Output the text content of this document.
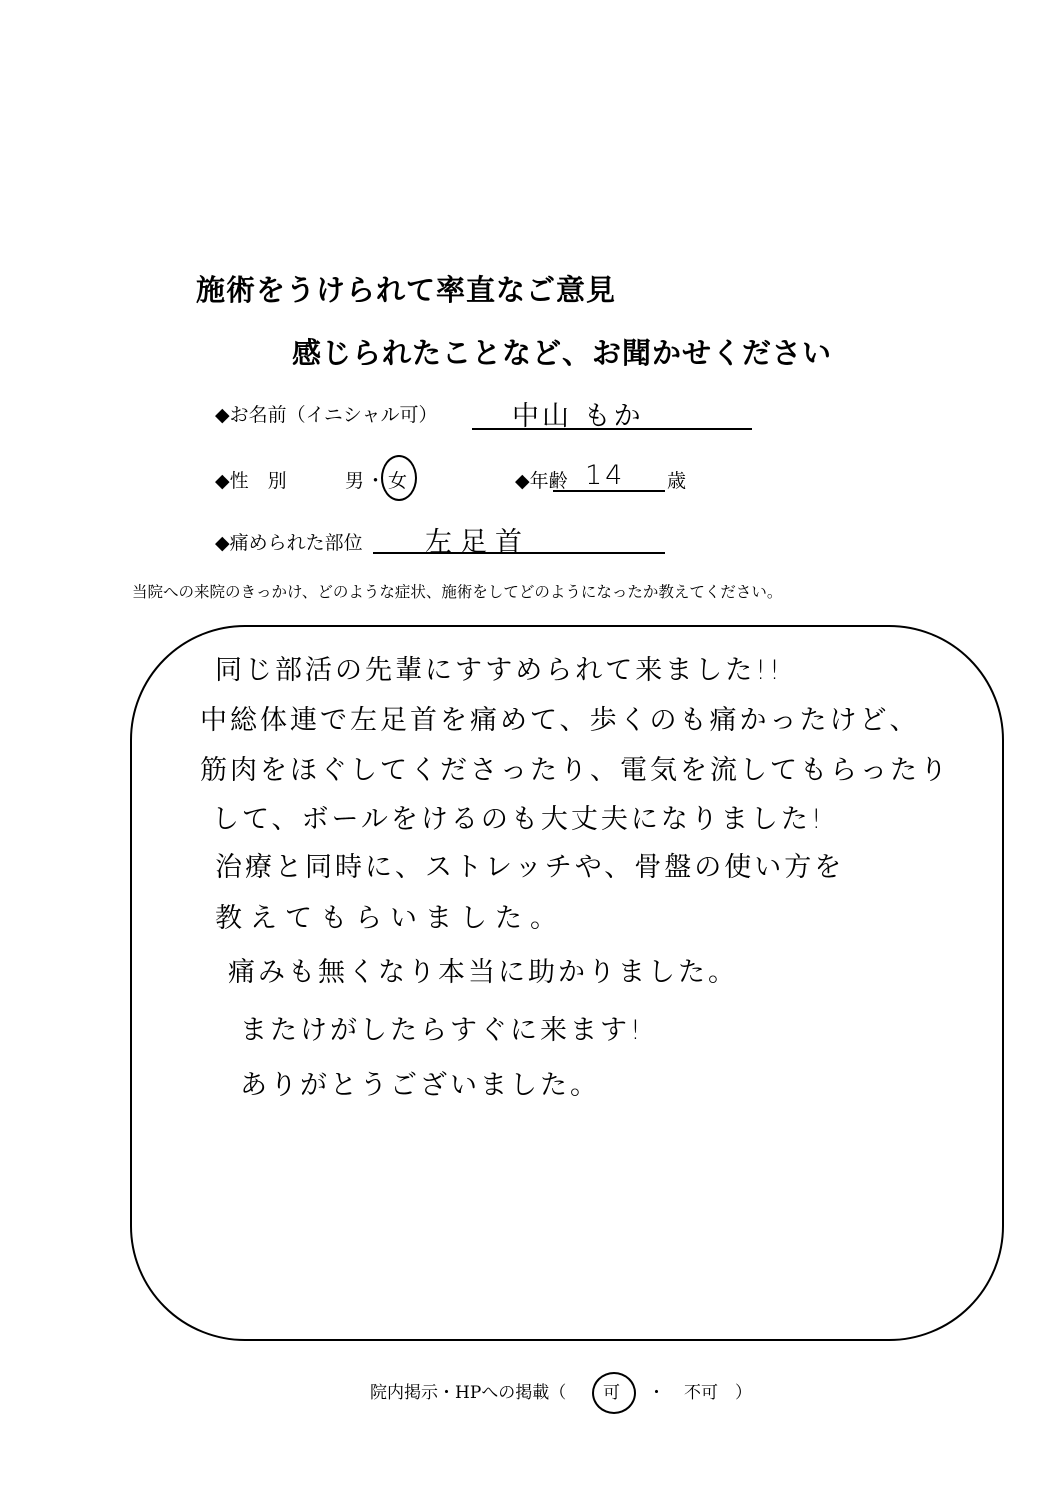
施術をうけられて率直なご意見
感じられたことなど、お聞かせください
◆お名前（イニシャル可）	中山 もか
◆性　別	男 ・ 女	◆年齢 14 歳
◆痛められた部位 左足首
当院への来院のきっかけ、どのような症状、施術をしてどのようになったか教えてください。
同じ部活の先輩にすすめられて来ました!!
中総体連で左足首を痛めて、歩くのも痛かったけど、
筋肉をほぐしてくださったり、電気を流してもらったり
して、ボールをけるのも大丈夫になりました!
治療と同時に、ストレッチや、骨盤の使い方を
教えてもらいました。
痛みも無くなり本当に助かりました。
またけがしたらすぐに来ます!
ありがとうございました。
院内掲示・HPへの掲載（ 可 ・ 不可 ）
